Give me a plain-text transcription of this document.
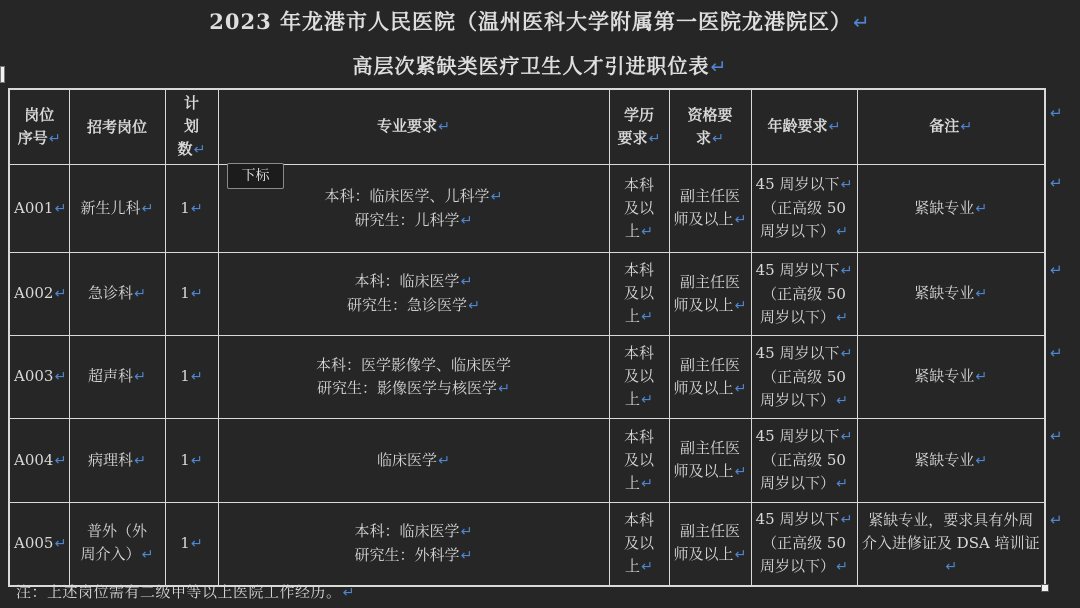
2023 年龙港市人民医院（温州医科大学附属第一医院龙港院区）↵
高层次紧缺类医疗卫生人才引进职位表↵
岗位
序号↵	招考岗位	计
划
数↵	专业要求↵	学历
要求↵	资格要
求↵	年龄要求↵	备注↵

A001↵	新生儿科↵	1↵	本科：临床医学、儿科学↵
研究生：儿科学↵	本科
及以
上↵	副主任医
师及以上↵	45 周岁以下↵
（正高级 50
周岁以下）↵	紧缺专业↵

A002↵	急诊科↵	1↵	本科：临床医学↵
研究生：急诊医学↵	本科
及以
上↵	副主任医
师及以上↵	45 周岁以下↵
（正高级 50
周岁以下）↵	紧缺专业↵

A003↵	超声科↵	1↵	本科：医学影像学、临床医学
研究生：影像医学与核医学↵	本科
及以
上↵	副主任医
师及以上↵	45 周岁以下↵
（正高级 50
周岁以下）↵	紧缺专业↵

A004↵	病理科↵	1↵	临床医学↵	本科
及以
上↵	副主任医
师及以上↵	45 周岁以下↵
（正高级 50
周岁以下）↵	紧缺专业↵

A005↵	普外（外
周介入）↵	1↵	本科：临床医学↵
研究生：外科学↵	本科
及以
上↵	副主任医
师及以上↵	45 周岁以下↵
（正高级 50
周岁以下）↵	紧缺专业，要求具有外周
介入进修证及 DSA 培训证↵
↵
↵
↵
↵
↵
↵
下标
注：上述岗位需有二级甲等以上医院工作经历。↵
